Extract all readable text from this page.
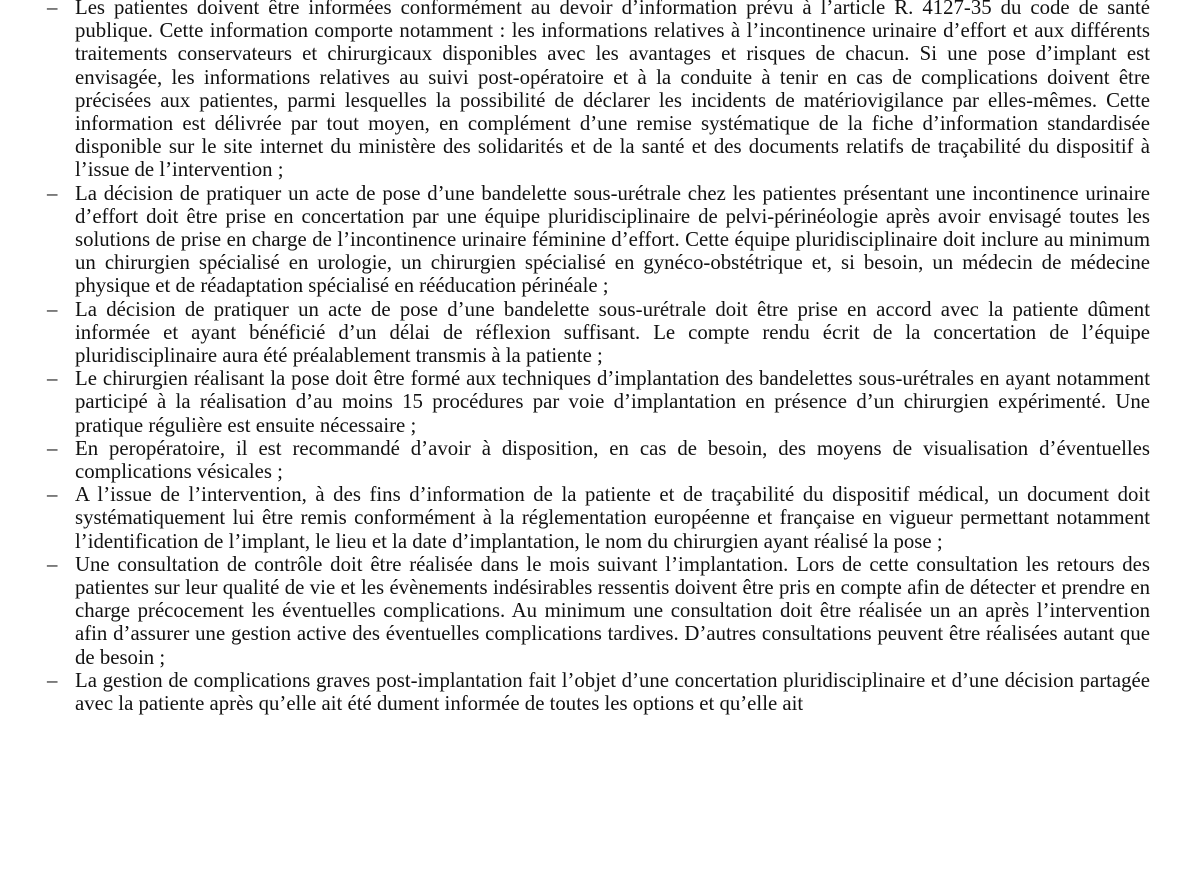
– Les patientes doivent être informées conformément au devoir d’information prévu à l’article R. 4127-35 du code de santé publique. Cette information comporte notamment : les informations relatives à l’incontinence urinaire d’effort et aux différents traitements conservateurs et chirurgicaux disponibles avec les avantages et risques de chacun. Si une pose d’implant est envisagée, les informations relatives au suivi post-opératoire et à la conduite à tenir en cas de complications doivent être précisées aux patientes, parmi lesquelles la possibilité de déclarer les incidents de matériovigilance par elles-mêmes. Cette information est délivrée par tout moyen, en complément d’une remise systématique de la fiche d’information standardisée disponible sur le site internet du ministère des solidarités et de la santé et des documents relatifs de traçabilité du dispositif à l’issue de l’intervention ;
– La décision de pratiquer un acte de pose d’une bandelette sous-urétrale chez les patientes présentant une incontinence urinaire d’effort doit être prise en concertation par une équipe pluridisciplinaire de pelvi-périnéologie après avoir envisagé toutes les solutions de prise en charge de l’incontinence urinaire féminine d’effort. Cette équipe pluridisciplinaire doit inclure au minimum un chirurgien spécialisé en urologie, un chirurgien spécialisé en gynéco-obstétrique et, si besoin, un médecin de médecine physique et de réadaptation spécialisé en rééducation périnéale ;
– La décision de pratiquer un acte de pose d’une bandelette sous-urétrale doit être prise en accord avec la patiente dûment informée et ayant bénéficié d’un délai de réflexion suffisant. Le compte rendu écrit de la concertation de l’équipe pluridisciplinaire aura été préalablement transmis à la patiente ;
– Le chirurgien réalisant la pose doit être formé aux techniques d’implantation des bandelettes sous-urétrales en ayant notamment participé à la réalisation d’au moins 15 procédures par voie d’implantation en présence d’un chirurgien expérimenté. Une pratique régulière est ensuite nécessaire ;
– En peropératoire, il est recommandé d’avoir à disposition, en cas de besoin, des moyens de visualisation d’éventuelles complications vésicales ;
– A l’issue de l’intervention, à des fins d’information de la patiente et de traçabilité du dispositif médical, un document doit systématiquement lui être remis conformément à la réglementation européenne et française en vigueur permettant notamment l’identification de l’implant, le lieu et la date d’implantation, le nom du chirurgien ayant réalisé la pose ;
– Une consultation de contrôle doit être réalisée dans le mois suivant l’implantation. Lors de cette consultation les retours des patientes sur leur qualité de vie et les évènements indésirables ressentis doivent être pris en compte afin de détecter et prendre en charge précocement les éventuelles complications. Au minimum une consultation doit être réalisée un an après l’intervention afin d’assurer une gestion active des éventuelles complications tardives. D’autres consultations peuvent être réalisées autant que de besoin ;
– La gestion de complications graves post-implantation fait l’objet d’une concertation pluridisciplinaire et d’une décision partagée avec la patiente après qu’elle ait été dument informée de toutes les options et qu’elle ait
